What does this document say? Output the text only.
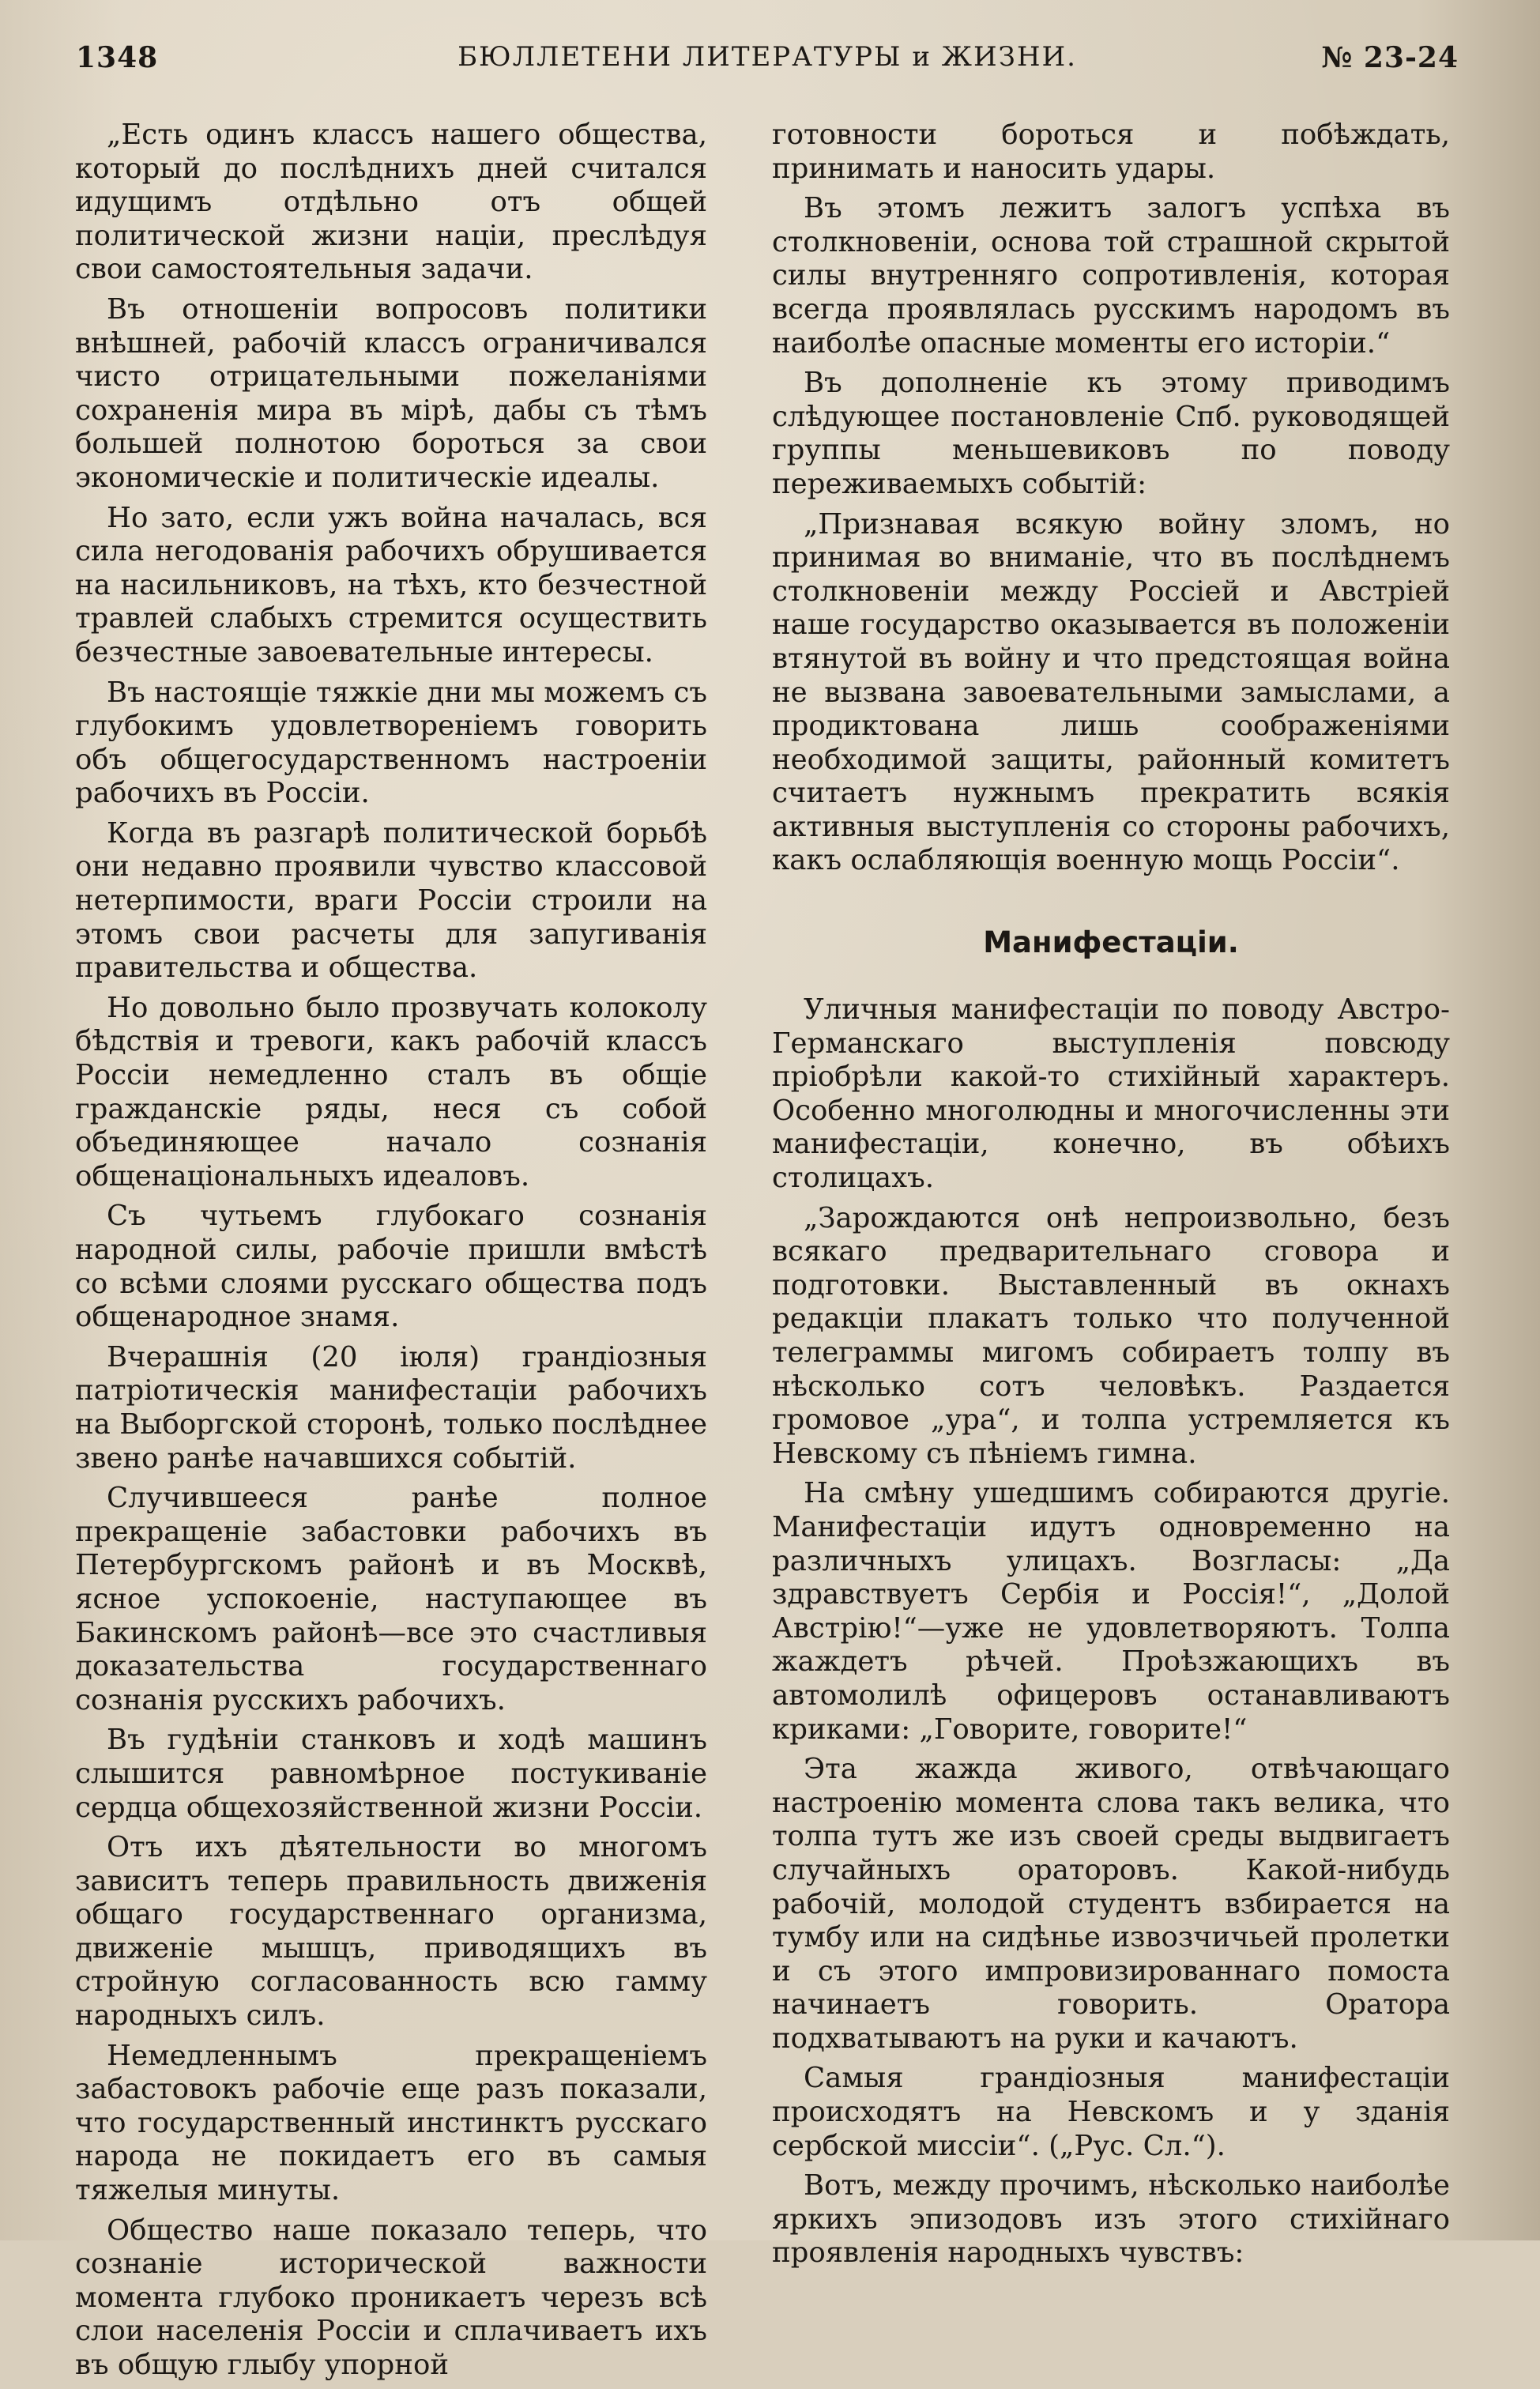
1348	БЮЛЛЕТЕНИ ЛИТЕРАТУРЫ и ЖИЗНИ.	№ 23-24

„Есть одинъ классъ нашего общества, который до послѣднихъ дней считался идущимъ отдѣльно отъ общей политической жизни націи, преслѣдуя свои самостоятельныя задачи.

Въ отношеніи вопросовъ политики внѣшней, рабочій классъ ограничивался чисто отрицательными пожеланіями сохраненія мира въ мірѣ, дабы съ тѣмъ большей полнотою бороться за свои экономическіе и политическіе идеалы.

Но зато, если ужъ война началась, вся сила негодованія рабочихъ обрушивается на насильниковъ, на тѣхъ, кто безчестной травлей слабыхъ стремится осуществить безчестные завоевательные интересы.

Въ настоящіе тяжкіе дни мы можемъ съ глубокимъ удовлетвореніемъ говорить объ общегосударственномъ настроеніи рабочихъ въ Россіи.

Когда въ разгарѣ политической борьбѣ они недавно проявили чувство классовой нетерпимости, враги Россіи строили на этомъ свои расчеты для запугиванія правительства и общества.

Но довольно было прозвучать колоколу бѣдствія и тревоги, какъ рабочій классъ Россіи немедленно сталъ въ общіе гражданскіе ряды, неся съ собой объединяющее начало сознанія общенаціональныхъ идеаловъ.

Съ чутьемъ глубокаго сознанія народной силы, рабочіе пришли вмѣстѣ со всѣми слоями русскаго общества подъ общенародное знамя.

Вчерашнія (20 іюля) грандіозныя патріотическія манифестаціи рабочихъ на Выборгской сторонѣ, только послѣднее звено ранѣе начавшихся событій.

Случившееся ранѣе полное прекращеніе забастовки рабочихъ въ Петербургскомъ районѣ и въ Москвѣ, ясное успокоеніе, наступающее въ Бакинскомъ районѣ—все это счастливыя доказательства государственнаго сознанія русскихъ рабочихъ.

Въ гудѣніи станковъ и ходѣ машинъ слышится равномѣрное постукиваніе сердца общехозяйственной жизни Россіи.

Отъ ихъ дѣятельности во многомъ зависитъ теперь правильность движенія общаго государственнаго организма, движеніе мышцъ, приводящихъ въ стройную согласованность всю гамму народныхъ силъ.

Немедленнымъ прекращеніемъ забастовокъ рабочіе еще разъ показали, что государственный инстинктъ русскаго народа не покидаетъ его въ самыя тяжелыя минуты.

Общество наше показало теперь, что сознаніе исторической важности момента глубоко проникаетъ черезъ всѣ слои населенія Россіи и сплачиваетъ ихъ въ общую глыбу упорной

готовности бороться и побѣждать, принимать и наносить удары.

Въ этомъ лежитъ залогъ успѣха въ столкновеніи, основа той страшной скрытой силы внутренняго сопротивленія, которая всегда проявлялась русскимъ народомъ въ наиболѣе опасные моменты его исторіи.“

Въ дополненіе къ этому приводимъ слѣдующее постановленіе Спб. руководящей группы меньшевиковъ по поводу переживаемыхъ событій:

„Признавая всякую войну зломъ, но принимая во вниманіе, что въ послѣднемъ столкновеніи между Россіей и Австріей наше государство оказывается въ положеніи втянутой въ войну и что предстоящая война не вызвана завоевательными замыслами, а продиктована лишь соображеніями необходимой защиты, районный комитетъ считаетъ нужнымъ прекратить всякія активныя выступленія со стороны рабочихъ, какъ ослабляющія военную мощь Россіи“.

Манифестаціи.

Уличныя манифестаціи по поводу Австро-Германскаго выступленія повсюду пріобрѣли какой-то стихійный характеръ. Особенно многолюдны и многочисленны эти манифестаціи, конечно, въ обѣихъ столицахъ.

„Зарождаются онѣ непроизвольно, безъ всякаго предварительнаго сговора и подготовки. Выставленный въ окнахъ редакціи плакатъ только что полученной телеграммы мигомъ собираетъ толпу въ нѣсколько сотъ человѣкъ. Раздается громовое „ура“, и толпа устремляется къ Невскому съ пѣніемъ гимна.

На смѣну ушедшимъ собираются другіе. Манифестаціи идутъ одновременно на различныхъ улицахъ. Возгласы: „Да здравствуетъ Сербія и Россія!“, „Долой Австрію!“—уже не удовлетворяютъ. Толпа жаждетъ рѣчей. Проѣзжающихъ въ автомолилѣ офицеровъ останавливаютъ криками: „Говорите, говорите!“

Эта жажда живого, отвѣчающаго настроенію момента слова такъ велика, что толпа тутъ же изъ своей среды выдвигаетъ случайныхъ ораторовъ. Какой-нибудь рабочій, молодой студентъ взбирается на тумбу или на сидѣнье извозчичьей пролетки и съ этого импровизированнаго помоста начинаетъ говорить. Оратора подхватываютъ на руки и качаютъ.

Самыя грандіозныя манифестаціи происходятъ на Невскомъ и у зданія сербской миссіи“. („Рус. Сл.“).

Вотъ, между прочимъ, нѣсколько наиболѣе яркихъ эпизодовъ изъ этого стихійнаго проявленія народныхъ чувствъ:
